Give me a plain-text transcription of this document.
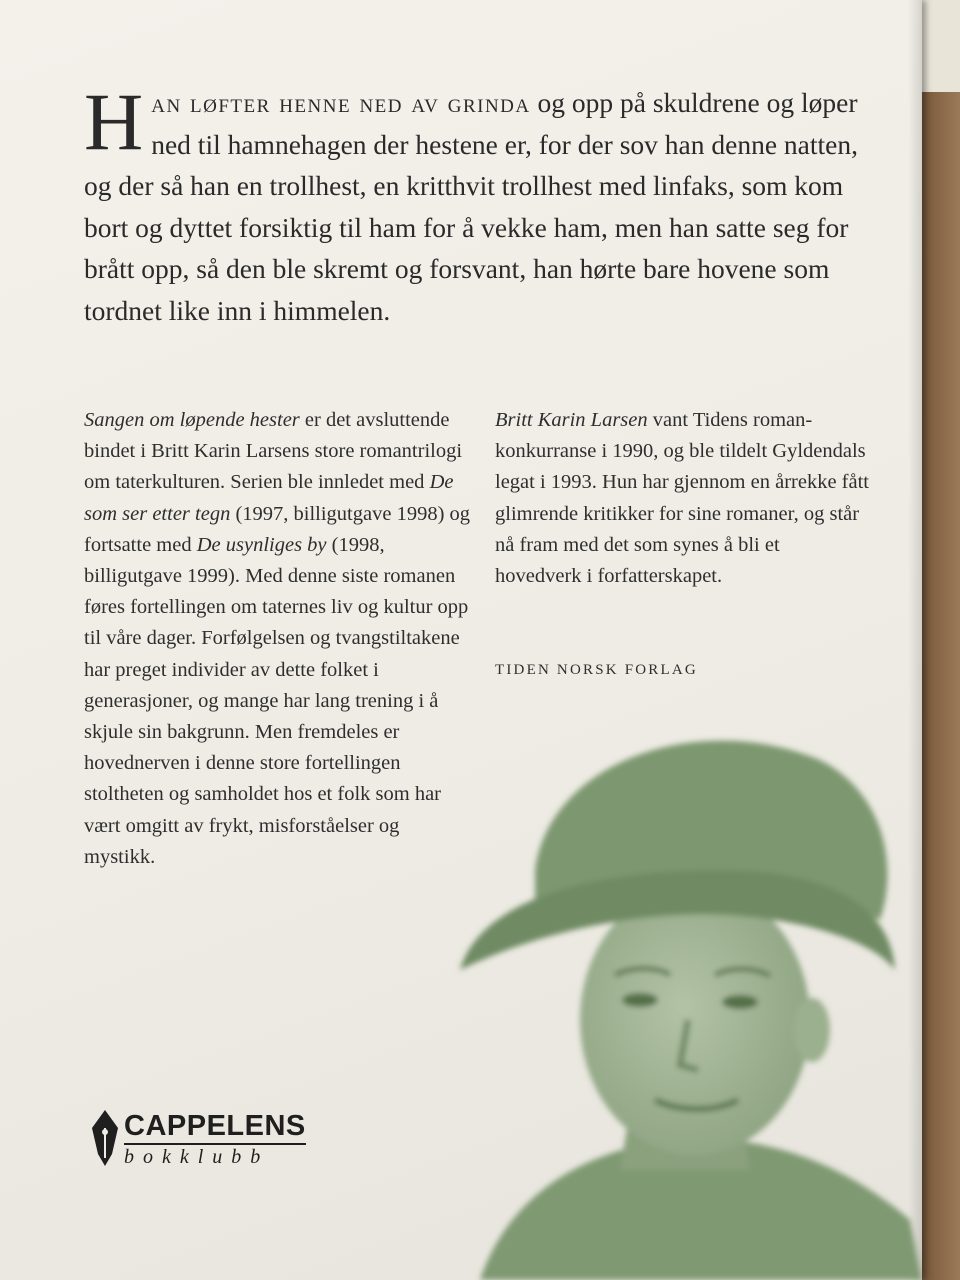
Han løfter henne ned av grinda og opp på skuldrene og løper ned til hamnehagen der hestene er, for der sov han denne natten, og der så han en trollhest, en kritthvit trollhest med linfaks, som kom bort og dyttet forsiktig til ham for å vekke ham, men han satte seg for brått opp, så den ble skremt og forsvant, han hørte bare hovene som tordnet like inn i himmelen.

Sangen om løpende hester er det avsluttende bindet i Britt Karin Larsens store romantrilogi om taterkulturen. Serien ble innledet med De som ser etter tegn (1997, billigutgave 1998) og fortsatte med De usynliges by (1998, billigutgave 1999). Med denne siste romanen føres fortellingen om taternes liv og kultur opp til våre dager. Forfølgelsen og tvangstiltakene har preget individer av dette folket i generasjoner, og mange har lang trening i å skjule sin bakgrunn. Men fremdeles er hovednerven i denne store fortellingen stoltheten og samholdet hos et folk som har vært omgitt av frykt, misforståelser og mystikk.

Britt Karin Larsen vant Tidens roman-konkurranse i 1990, og ble tildelt Gyldendals legat i 1993. Hun har gjennom en årrekke fått glimrende kritikker for sine romaner, og står nå fram med det som synes å bli et hovedverk i forfatterskapet.

TIDEN NORSK FORLAG

CAPPELENS
bokklubb
